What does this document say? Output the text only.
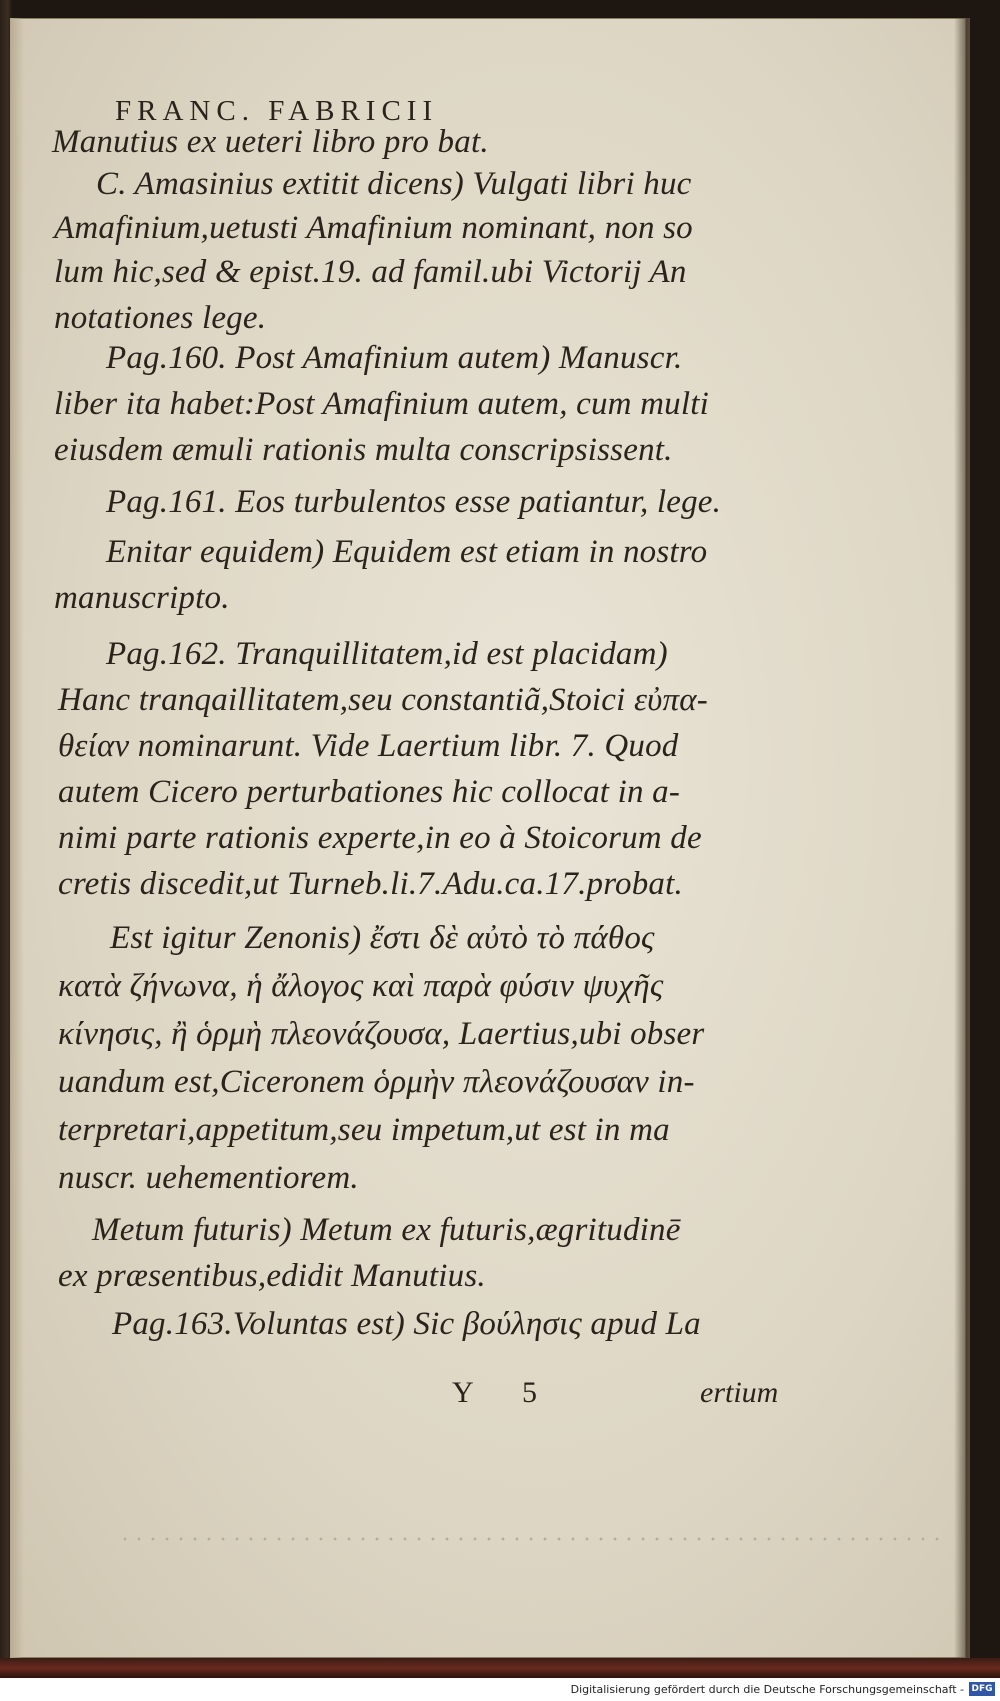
FRANC. FABRICII
Manutius ex ueteri libro pro bat.
C. Amasinius extitit dicens) Vulgati libri huc
Amafinium,uetusti Amafinium nominant, non so
lum hic,sed & epist.19. ad famil.ubi Victorij An
notationes lege.
Pag.160. Post Amafinium autem) Manuscr.
liber ita habet:Post Amafinium autem, cum multi
eiusdem æmuli rationis multa conscripsissent.
Pag.161. Eos turbulentos esse patiantur, lege.
Enitar equidem) Equidem est etiam in nostro
manuscripto.
Pag.162. Tranquillitatem,id est placidam)
Hanc tranqaillitatem,seu constantiã,Stoici εὐπα-
θείαν nominarunt. Vide Laertium libr. 7. Quod
autem Cicero perturbationes hic collocat in a-
nimi parte rationis experte,in eo à Stoicorum de
cretis discedit,ut Turneb.li.7.Adu.ca.17.probat.
Est igitur Zenonis) ἔστι δὲ αὐτὸ τὸ πάθος
κατὰ ζήνωνα, ἡ ἄλογος καὶ παρὰ φύσιν ψυχῆς
κίνησις, ἢ ὁρμὴ πλεονάζουσα, Laertius,ubi obser
uandum est,Ciceronem ὁρμὴν πλεονάζουσαν in-
terpretari,appetitum,seu impetum,ut est in ma
nuscr. uehementiorem.
Metum futuris) Metum ex futuris,ægritudinē
ex præsentibus,edidit Manutius.
Pag.163.Voluntas est) Sic βούλησις apud La
Y 5	ertium
Digitalisierung gefördert durch die Deutsche Forschungsgemeinschaft - DFG
